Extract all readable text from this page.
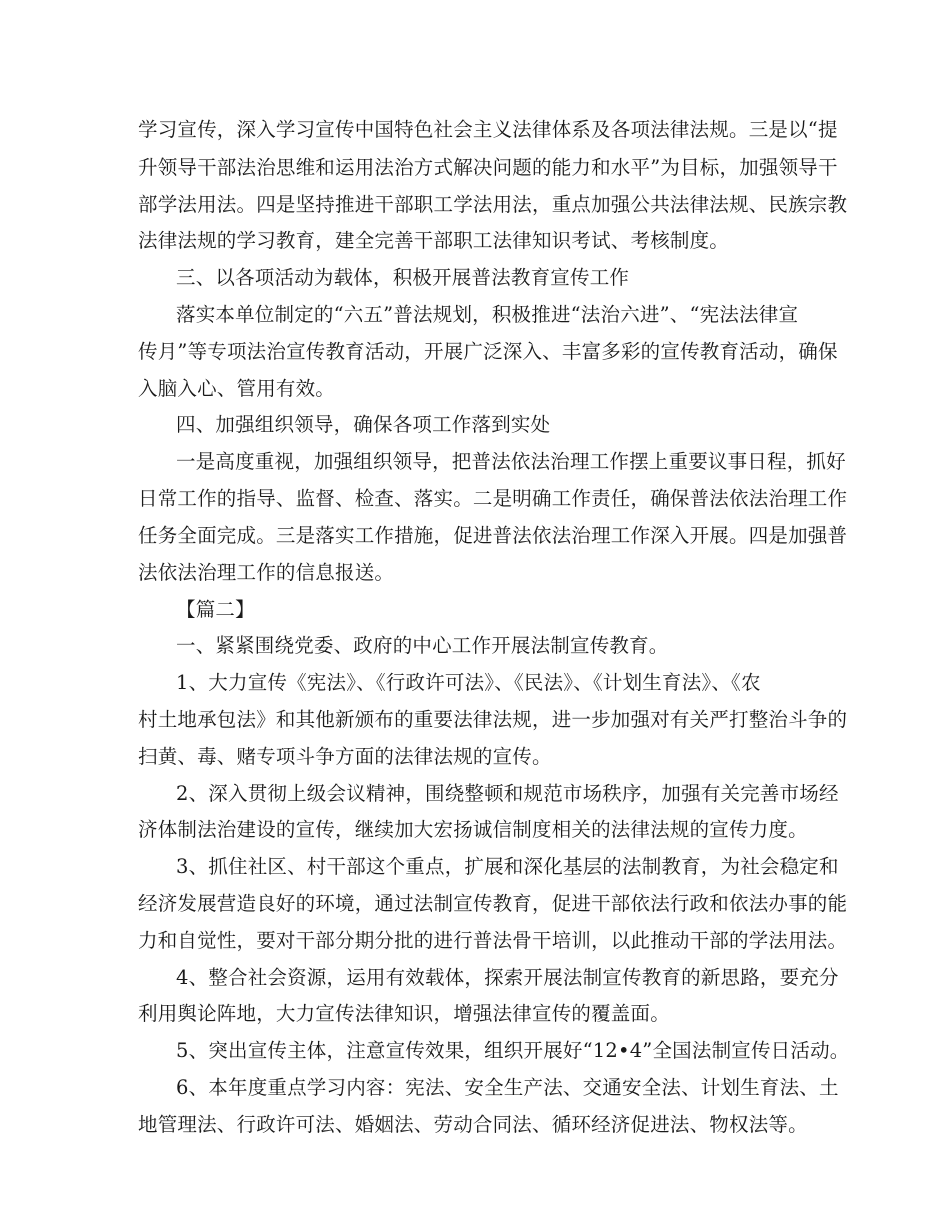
学习宣传，深入学习宣传中国特色社会主义法律体系及各项法律法规。三是以“提
升领导干部法治思维和运用法治方式解决问题的能力和水平”为目标，加强领导干
部学法用法。四是坚持推进干部职工学法用法，重点加强公共法律法规、民族宗教
法律法规的学习教育，建全完善干部职工法律知识考试、考核制度。
三、以各项活动为载体，积极开展普法教育宣传工作
落实本单位制定的“六五”普法规划，积极推进“法治六进”、“宪法法律宣
传月”等专项法治宣传教育活动，开展广泛深入、丰富多彩的宣传教育活动，确保
入脑入心、管用有效。
四、加强组织领导，确保各项工作落到实处
一是高度重视，加强组织领导，把普法依法治理工作摆上重要议事日程，抓好
日常工作的指导、监督、检查、落实。二是明确工作责任，确保普法依法治理工作
任务全面完成。三是落实工作措施，促进普法依法治理工作深入开展。四是加强普
法依法治理工作的信息报送。
【篇二】
一、紧紧围绕党委、政府的中心工作开展法制宣传教育。
1、大力宣传《宪法》、《行政许可法》、《民法》、《计划生育法》、《农
村土地承包法》和其他新颁布的重要法律法规，进一步加强对有关严打整治斗争的
扫黄、毒、赌专项斗争方面的法律法规的宣传。
2、深入贯彻上级会议精神，围绕整顿和规范市场秩序，加强有关完善市场经
济体制法治建设的宣传，继续加大宏扬诚信制度相关的法律法规的宣传力度。
3、抓住社区、村干部这个重点，扩展和深化基层的法制教育，为社会稳定和
经济发展营造良好的环境，通过法制宣传教育，促进干部依法行政和依法办事的能
力和自觉性，要对干部分期分批的进行普法骨干培训，以此推动干部的学法用法。
4、整合社会资源，运用有效载体，探索开展法制宣传教育的新思路，要充分
利用舆论阵地，大力宣传法律知识，增强法律宣传的覆盖面。
5、突出宣传主体，注意宣传效果，组织开展好“12•4”全国法制宣传日活动。
6、本年度重点学习内容：宪法、安全生产法、交通安全法、计划生育法、土
地管理法、行政许可法、婚姻法、劳动合同法、循环经济促进法、物权法等。
